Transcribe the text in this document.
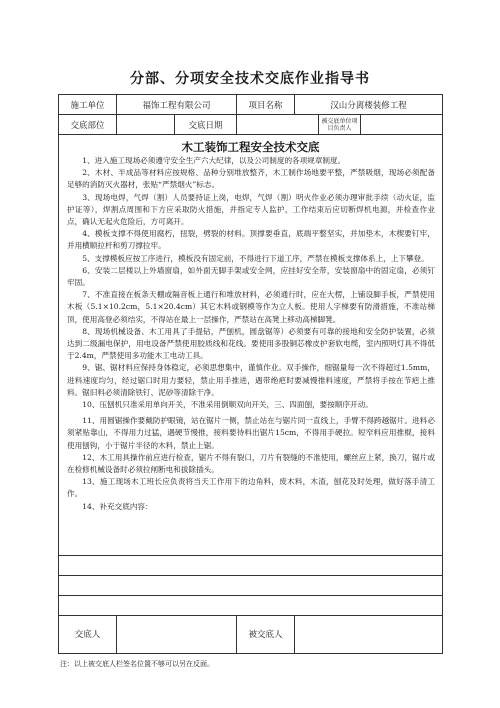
分部、分项安全技术交底作业指导书
施工单位	福饰工程有限公司	项目名称	汉山分离楼装修工程
交底部位	交底日期	被交底单位项目负责人
木工装饰工程安全技术交底

1、进入施工现场必须遵守安全生产六大纪律，以及公司制度的各项规章制度。

2、木材、半成品等材料应按规格、品种分别堆放整齐，木工制作场地要平整，严禁吸烟，现场必须配备足够的消防灭火器材，张贴“严禁烟火”标志。

3、现场电焊，气焊（割）人员要持证上岗，电焊，气焊（割）明火作业必须办理审批手续（动火证，监护证等），焊割点周围和下方应采取防火措施，并指定专人监护，工作结束后应切断焊机电源，并检查作业点，确认无起火危险后，方可离开。

4、模板支撑不得使用腐朽，扭裂，劈裂的材料。顶撑要垂直，底端平整坚实，并加垫木，木楔要钉牢，并用横顺拉杆和剪刀撑拉牢。

5、支撑模板应按工序进行，模板没有固定前，不得进行下道工序，严禁在模板支撑体系上，上下攀登。

6、安装二层楼以上外墙窗扇，如外面无脚手架或安全网，应挂好安全带，安装窗扇中的固定扇，必须钉牢固。

7、不准直接在板条天棚或隔音板上通行和堆放材料，必须通行时，应在大楞，上铺设脚手板，严禁使用木板（5.1×10.2cm，5.1×20.4cm）其它木料或钢模等作为立人板。使用人字梯要有防滑措施，不准站梯顶，使用高登必须结实，不得站在最上一层操作，严禁站在高凳上移动高梯脚凳。

8、现场机械设备、木工用具了手提钻，严刨机，圆盘锯等）必须要有可靠的接地和安全防护装置，必须达到二级漏电保护，用电设备严禁使用胶质线和花线。要使用多股铜芯橡皮护套软电缆，室内照明灯具不得低于2.4m，严禁使用多功能木工电动工具。

9、锯、锯材料应保持身体稳定，必须思想集中，谨慎作业。双手操作，细锯量每一次不得超过1.5mm，进料速度均匀，经过锯口时用力要轻，禁止用手推进，遇带绝疤时要减慢推料速度，严禁将手按在节疤上推料。锯旧料必须清除铁钉、泥砂等清除干净。

10、压刨机只准采用单向开关，不准采用倒顺双向开关，三、四面刨，要按顺序开动。

11、用圆锯操作要戴防护眼镜，站在锯片一侧，禁止站在与锯片同一直线上，手臂不得跨越锯片。进料必须紧贴靠山，不得用力过猛，遇硬节慢推，接料要待料出锯片15cm，不得用手硬拉。短窄料应用推棍，接料使用刨钩，小于锯片半径的木料，禁止上锯。

12、木工用具操作前应进行检查，锯片不得有裂口，刀片有裂缝的不准使用，螺丝应上紧，换刀，锯片或在检修机械设备时必须拉闸断电和拔除插头。

13、施工现场木工班长应负责将当天工作用下的边角料，废木料，木渣，刨花及时处理，做好落手清工作。

14、补充交底内容：

交底人	被交底人
注：以上被交底人栏签名位置不够可以另在反面。
